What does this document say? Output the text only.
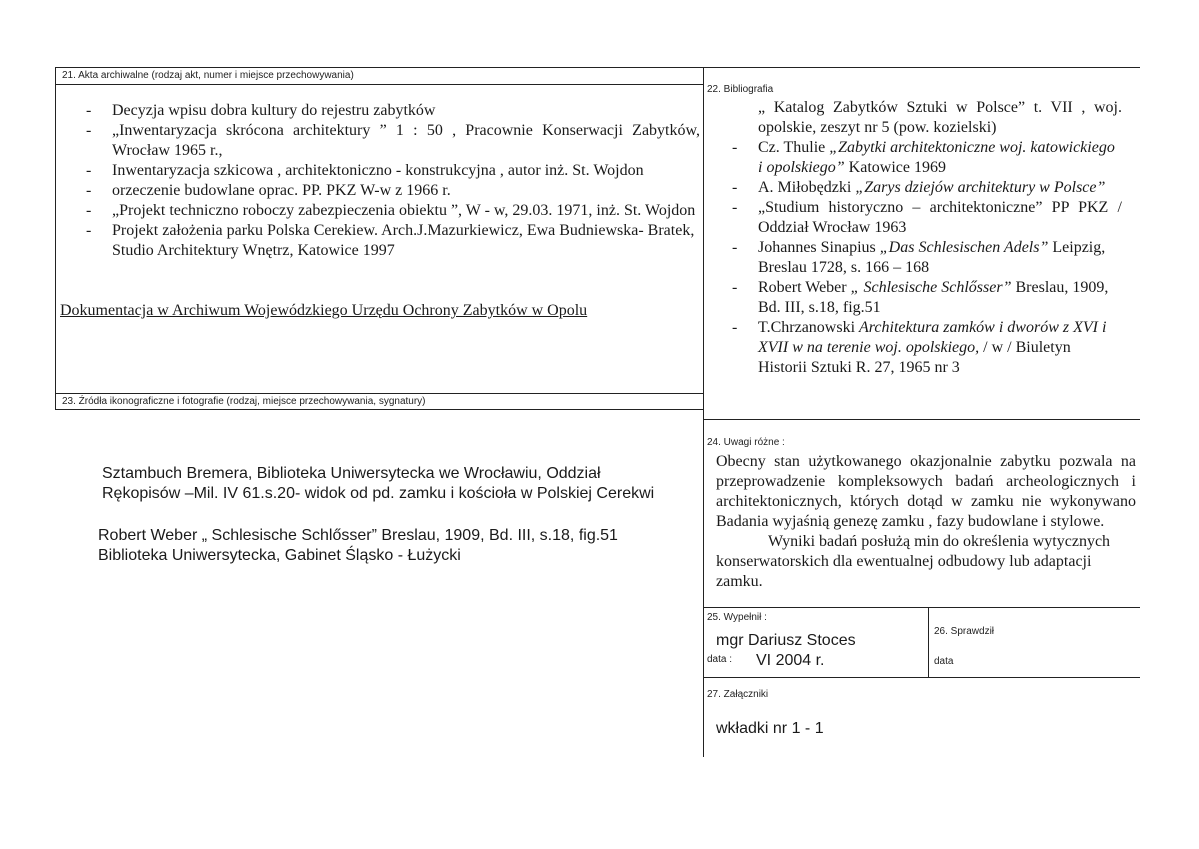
21. Akta archiwalne (rodzaj akt, numer i miejsce przechowywania)
- Decyzja wpisu dobra kultury do rejestru zabytków
- „Inwentaryzacja skrócona architektury ” 1 : 50 , Pracownie Konserwacji Zabytków, Wrocław 1965 r.,
- Inwentaryzacja szkicowa , architektoniczno - konstrukcyjna , autor inż. St. Wojdon
- orzeczenie budowlane oprac. PP. PKZ W-w z 1966 r.
- „Projekt techniczno roboczy zabezpieczenia obiektu ”, W - w, 29.03. 1971, inż. St. Wojdon
- Projekt założenia parku Polska Cerekiew. Arch.J.Mazurkiewicz, Ewa Budniewska- Bratek, Studio Architektury Wnętrz, Katowice 1997
Dokumentacja w Archiwum Wojewódzkiego Urzędu Ochrony Zabytków w Opolu
22. Bibliografia
„ Katalog Zabytków Sztuki w Polsce” t. VII , woj. opolskie, zeszyt nr 5 (pow. kozielski)
- Cz. Thulie „Zabytki architektoniczne woj. katowickiego i opolskiego” Katowice 1969
- A. Miłobędzki „Zarys dziejów architektury w Polsce”
- „Studium historyczno – architektoniczne” PP PKZ / Oddział Wrocław 1963
- Johannes Sinapius „Das Schlesischen Adels” Leipzig, Breslau 1728, s. 166 – 168
- Robert Weber „ Schlesische Schlősser” Breslau, 1909, Bd. III, s.18, fig.51
- T.Chrzanowski Architektura zamków i dworów z XVI i XVII w na terenie woj. opolskiego, / w / Biuletyn Historii Sztuki R. 27, 1965 nr 3
23. Źródła ikonograficzne i fotografie (rodzaj, miejsce przechowywania, sygnatury)
Sztambuch Bremera, Biblioteka Uniwersytecka we Wrocławiu, Oddział
Rękopisów –Mil. IV 61.s.20- widok od pd. zamku i kościoła w Polskiej Cerekwi
Robert Weber „ Schlesische Schlősser” Breslau, 1909, Bd. III, s.18, fig.51
Biblioteka Uniwersytecka, Gabinet Śląsko - Łużycki
24. Uwagi różne :
Obecny stan użytkowanego okazjonalnie zabytku pozwala na przeprowadzenie kompleksowych badań archeologicznych i architektonicznych, których dotąd w zamku nie wykonywano Badania wyjaśnią genezę zamku , fazy budowlane i stylowe.
Wyniki badań posłużą min do określenia wytycznych konserwatorskich dla ewentualnej odbudowy lub adaptacji zamku.
25. Wypełnił :
mgr Dariusz Stoces
data : VI 2004 r.
26. Sprawdził
data
27. Załączniki
wkładki nr 1 - 1
